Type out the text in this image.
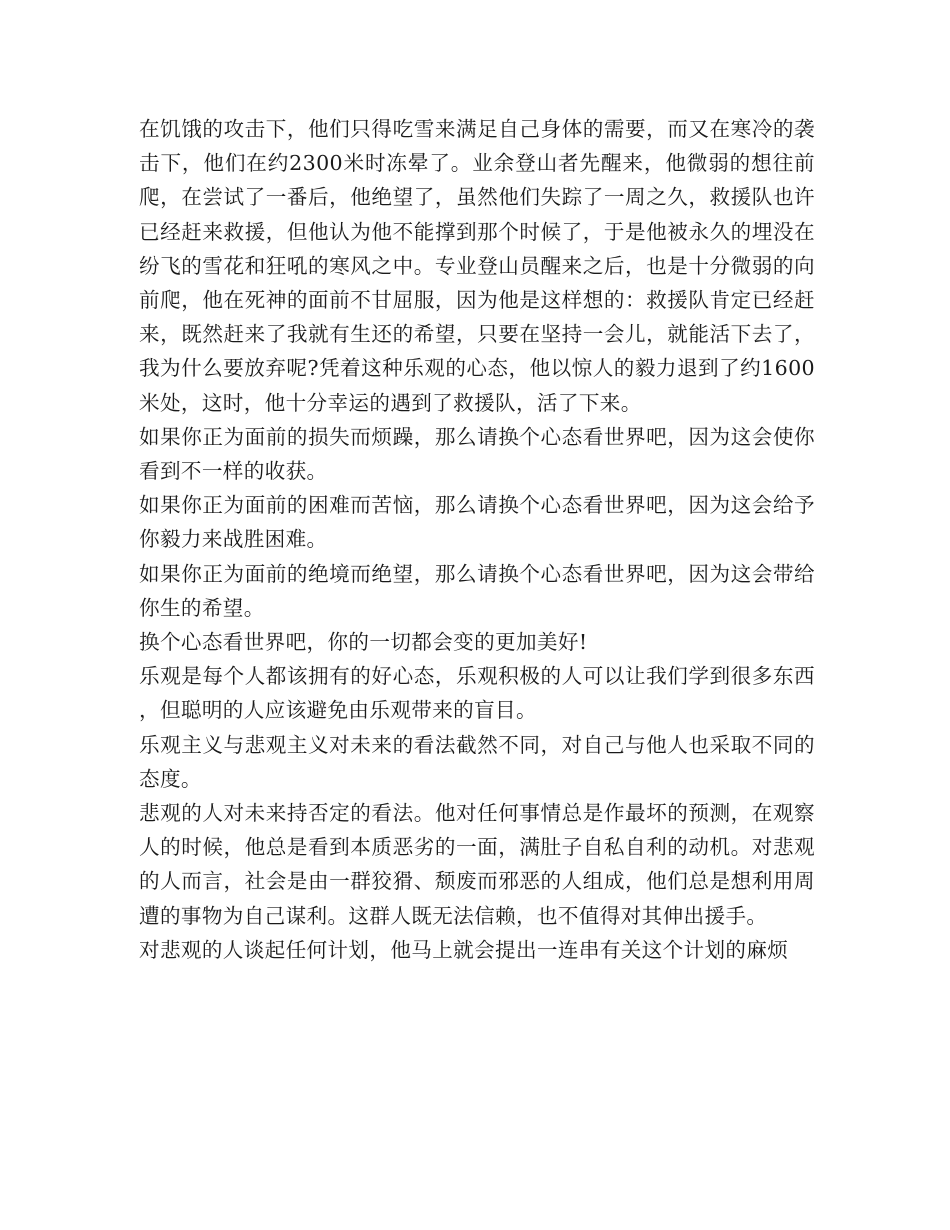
在饥饿的攻击下，他们只得吃雪来满足自己身体的需要，而又在寒冷的袭击下，他们在约2300米时冻晕了。业余登山者先醒来，他微弱的想往前爬，在尝试了一番后，他绝望了，虽然他们失踪了一周之久，救援队也许已经赶来救援，但他认为他不能撑到那个时候了，于是他被永久的埋没在纷飞的雪花和狂吼的寒风之中。专业登山员醒来之后，也是十分微弱的向前爬，他在死神的面前不甘屈服，因为他是这样想的：救援队肯定已经赶来，既然赶来了我就有生还的希望，只要在坚持一会儿，就能活下去了，我为什么要放弃呢?凭着这种乐观的心态，他以惊人的毅力退到了约1600米处，这时，他十分幸运的遇到了救援队，活了下来。

如果你正为面前的损失而烦躁，那么请换个心态看世界吧，因为这会使你看到不一样的收获。

如果你正为面前的困难而苦恼，那么请换个心态看世界吧，因为这会给予你毅力来战胜困难。

如果你正为面前的绝境而绝望，那么请换个心态看世界吧，因为这会带给你生的希望。

换个心态看世界吧，你的一切都会变的更加美好!

乐观是每个人都该拥有的好心态，乐观积极的人可以让我们学到很多东西，但聪明的人应该避免由乐观带来的盲目。

乐观主义与悲观主义对未来的看法截然不同，对自己与他人也采取不同的态度。

悲观的人对未来持否定的看法。他对任何事情总是作最坏的预测，在观察人的时候，他总是看到本质恶劣的一面，满肚子自私自利的动机。对悲观的人而言，社会是由一群狡猾、颓废而邪恶的人组成，他们总是想利用周遭的事物为自己谋利。这群人既无法信赖，也不值得对其伸出援手。

对悲观的人谈起任何计划，他马上就会提出一连串有关这个计划的麻烦
